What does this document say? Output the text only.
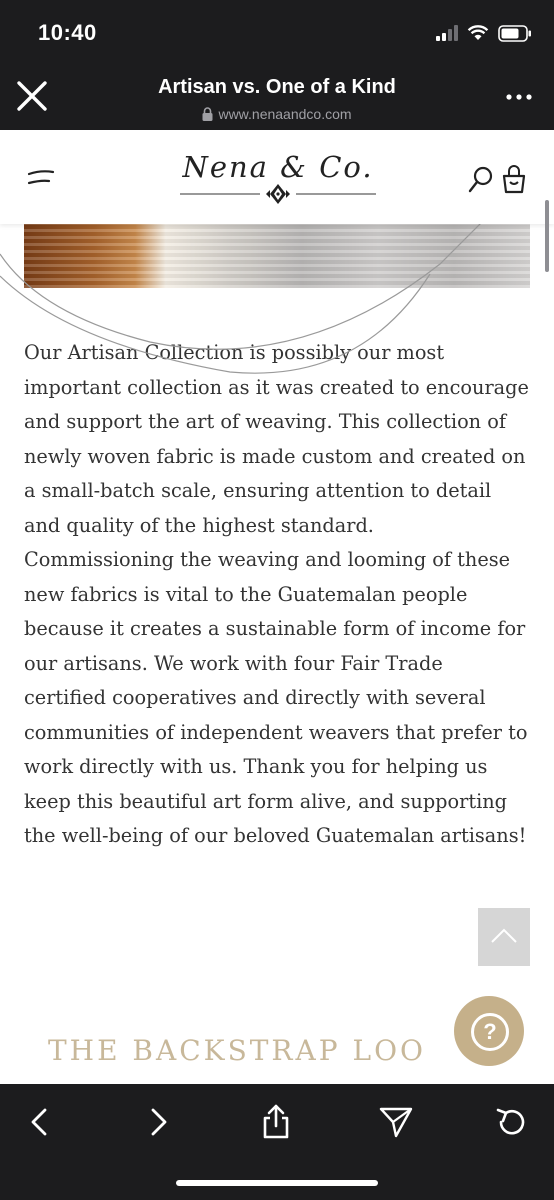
10:40
Artisan vs. One of a Kind
www.nenaandco.com
Nena & Co.

Our Artisan Collection is possibly our most important collection as it was created to encourage and support the art of weaving. This collection of newly woven fabric is made custom and created on a small-batch scale, ensuring attention to detail and quality of the highest standard. Commissioning the weaving and looming of these new fabrics is vital to the Guatemalan people because it creates a sustainable form of income for our artisans. We work with four Fair Trade certified cooperatives and directly with several communities of independent weavers that prefer to work directly with us. Thank you for helping us keep this beautiful art form alive, and supporting the well-being of our beloved Guatemalan artisans!

THE BACKSTRAP LOO
?
